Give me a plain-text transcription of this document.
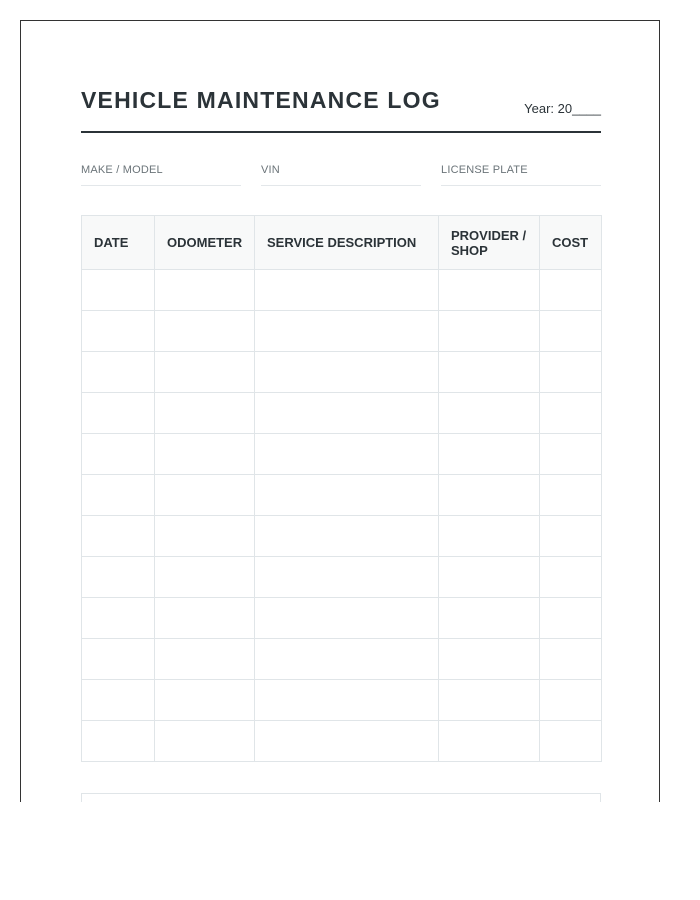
VEHICLE MAINTENANCE LOG	Year: 20____
MAKE / MODEL	VIN	LICENSE PLATE
DATE	ODOMETER	SERVICE DESCRIPTION	PROVIDER / SHOP	COST
